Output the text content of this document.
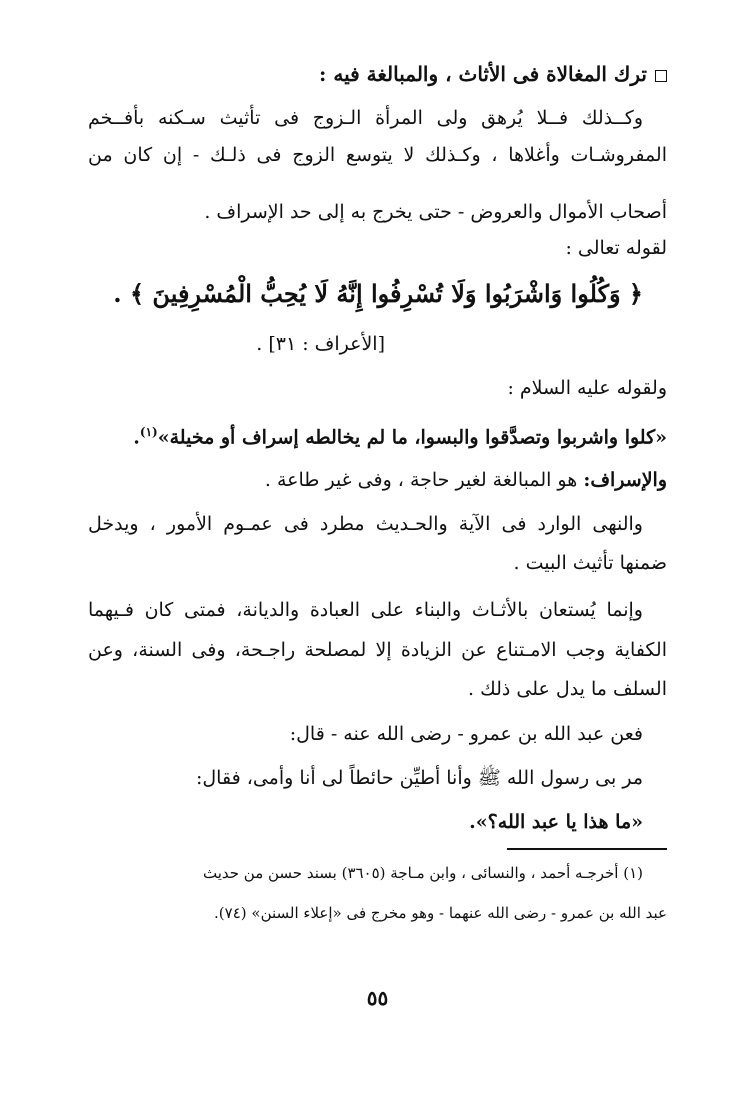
ترك المغالاة فى الأثاث ، والمبالغة فيه :
وكــذلك فــلا يُرهق ولى المرأة الـزوج فى تأثيث سـكنه بأفــخم
المفروشـات وأغلاها ، وكـذلك لا يتوسع الزوج فى ذلـك - إن كان من
أصحاب الأموال والعروض - حتى يخرج به إلى حد الإسراف .
لقوله تعالى :
﴿ وَكُلُوا وَاشْرَبُوا وَلَا تُسْرِفُوا إِنَّهُ لَا يُحِبُّ الْمُسْرِفِينَ ﴾ .
[الأعراف : ٣١] .
ولقوله عليه السلام :
«كلوا واشربوا وتصدَّقوا والبسوا، ما لم يخالطه إسراف أو مخيلة»$^{(١)}$.
والإسراف: هو المبالغة لغير حاجة ، وفى غير طاعة .
والنهى الوارد فى الآية والحـديث مطرد فى عمـوم الأمور ، ويدخل
ضمنها تأثيث البيت .
وإنما يُستعان بالأثـاث والبناء على العبادة والديانة، فمتى كان فـيهما
الكفاية وجب الامـتناع عن الزيادة إلا لمصلحة راجـحة، وفى السنة، وعن
السلف ما يدل على ذلك .
فعن عبد الله بن عمرو - رضى الله عنه - قال:
مر بى رسول الله ﷺ وأنا أطيِّن حائطاً لى أنا وأمى، فقال:
«ما هذا يا عبد الله؟».
(١) أخرجـه أحمد ، والنسائى ، وابن مـاجة (٣٦٠٥) بسند حسن من حديث
عبد الله بن عمرو - رضى الله عنهما - وهو مخرج فى «إعلاء السنن» (٧٤).
٥٥
